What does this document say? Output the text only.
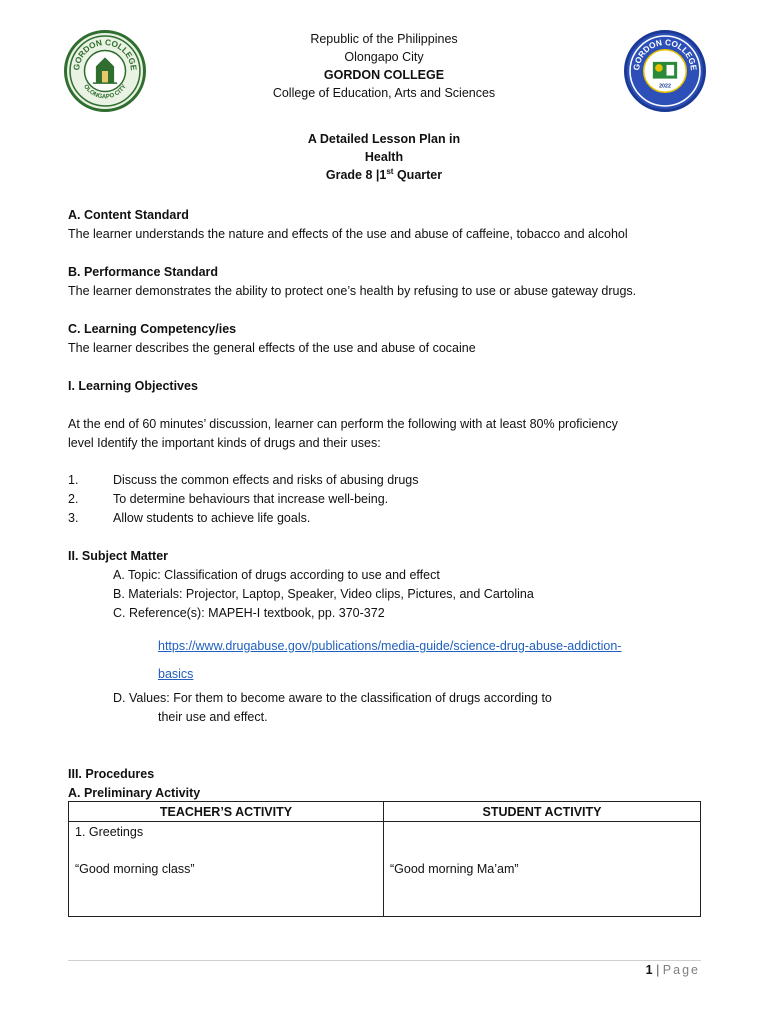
GORDON COLLEGE
OLONGAPO CITY
GORDON COLLEGE
2022
Republic of the Philippines
Olongapo City
GORDON COLLEGE
College of Education, Arts and Sciences
A Detailed Lesson Plan in
Health
Grade 8 |1st Quarter
A. Content Standard
The learner understands the nature and effects of the use and abuse of caffeine, tobacco and alcohol
B. Performance Standard
The learner demonstrates the ability to protect one’s health by refusing to use or abuse gateway drugs.
C. Learning Competency/ies
The learner describes the general effects of the use and abuse of cocaine
I. Learning Objectives
At the end of 60 minutes’ discussion, learner can perform the following with at least 80% proficiency
level Identify the important kinds of drugs and their uses:
1.	Discuss the common effects and risks of abusing drugs
2.	To determine behaviours that increase well-being.
3.	Allow students to achieve life goals.
II. Subject Matter
A. Topic: Classification of drugs according to use and effect
B. Materials: Projector, Laptop, Speaker, Video clips, Pictures, and Cartolina
C. Reference(s): MAPEH-I textbook, pp. 370-372
https://www.drugabuse.gov/publications/media-guide/science-drug-abuse-addiction-
basics
D. Values: For them to become aware to the classification of drugs according to
their use and effect.
III. Procedures
A. Preliminary Activity
TEACHER’S ACTIVITY	STUDENT ACTIVITY

1. Greetings
“Good morning class”	“Good morning Ma’am”
1 | Page
